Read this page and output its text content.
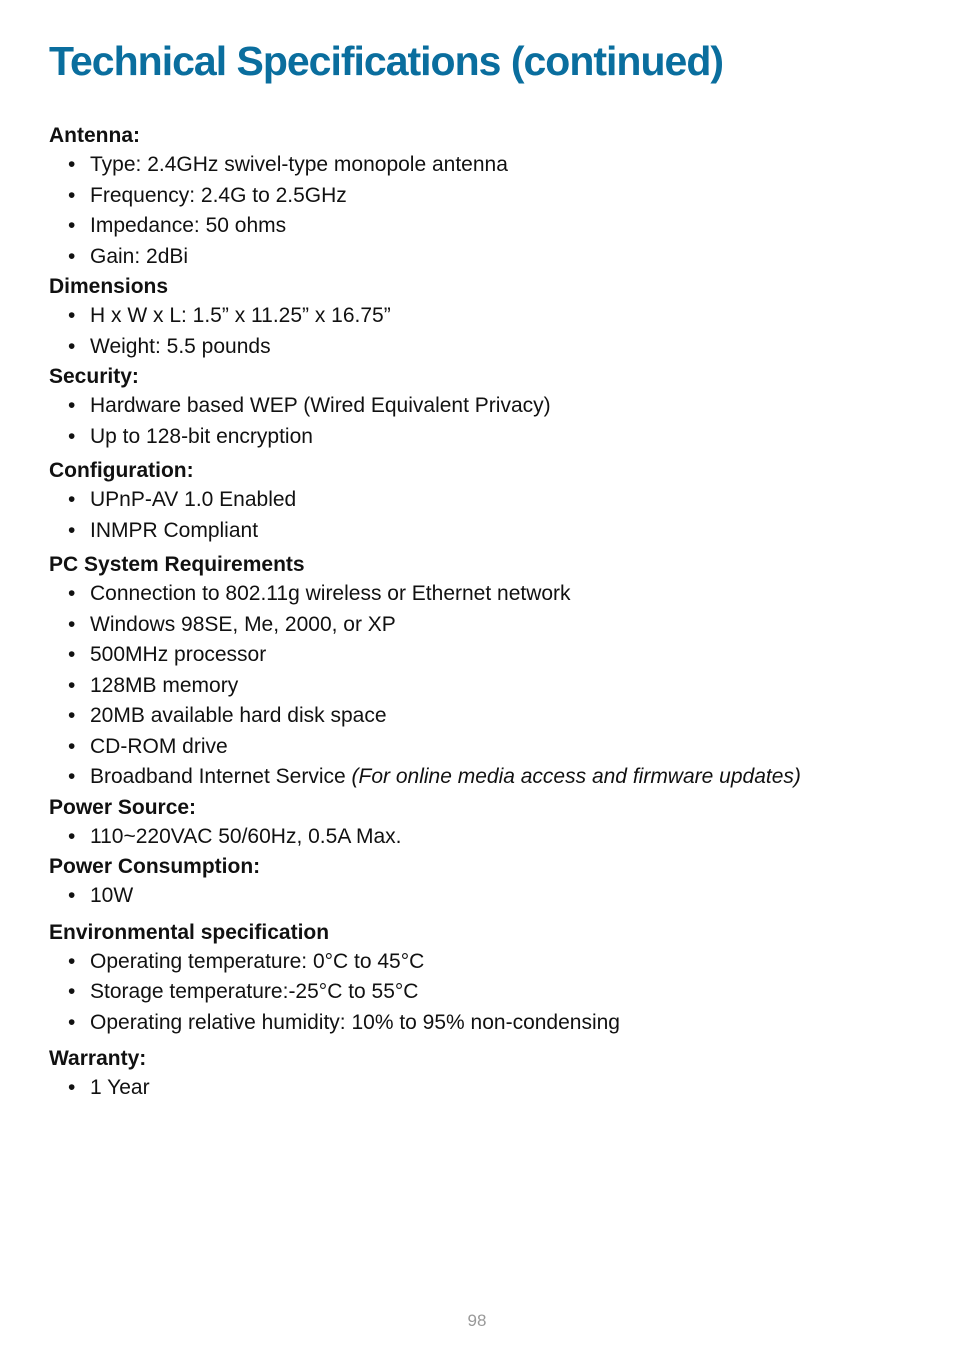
Technical Specifications (continued)
Antenna:
• Type: 2.4GHz swivel-type monopole antenna
• Frequency: 2.4G to 2.5GHz
• Impedance: 50 ohms
• Gain: 2dBi
Dimensions
• H x W x L: 1.5” x 11.25” x 16.75”
• Weight: 5.5 pounds
Security:
• Hardware based WEP (Wired Equivalent Privacy)
• Up to 128-bit encryption
Configuration:
• UPnP-AV 1.0 Enabled
• INMPR Compliant
PC System Requirements
• Connection to 802.11g wireless or Ethernet network
• Windows 98SE, Me, 2000, or XP
• 500MHz processor
• 128MB memory
• 20MB available hard disk space
• CD-ROM drive
• Broadband Internet Service (For online media access and firmware updates)
Power Source:
• 110~220VAC 50/60Hz, 0.5A Max.
Power Consumption:
• 10W
Environmental specification
• Operating temperature: 0°C to 45°C
• Storage temperature:-25°C to 55°C
• Operating relative humidity: 10% to 95% non-condensing
Warranty:
• 1 Year
98
